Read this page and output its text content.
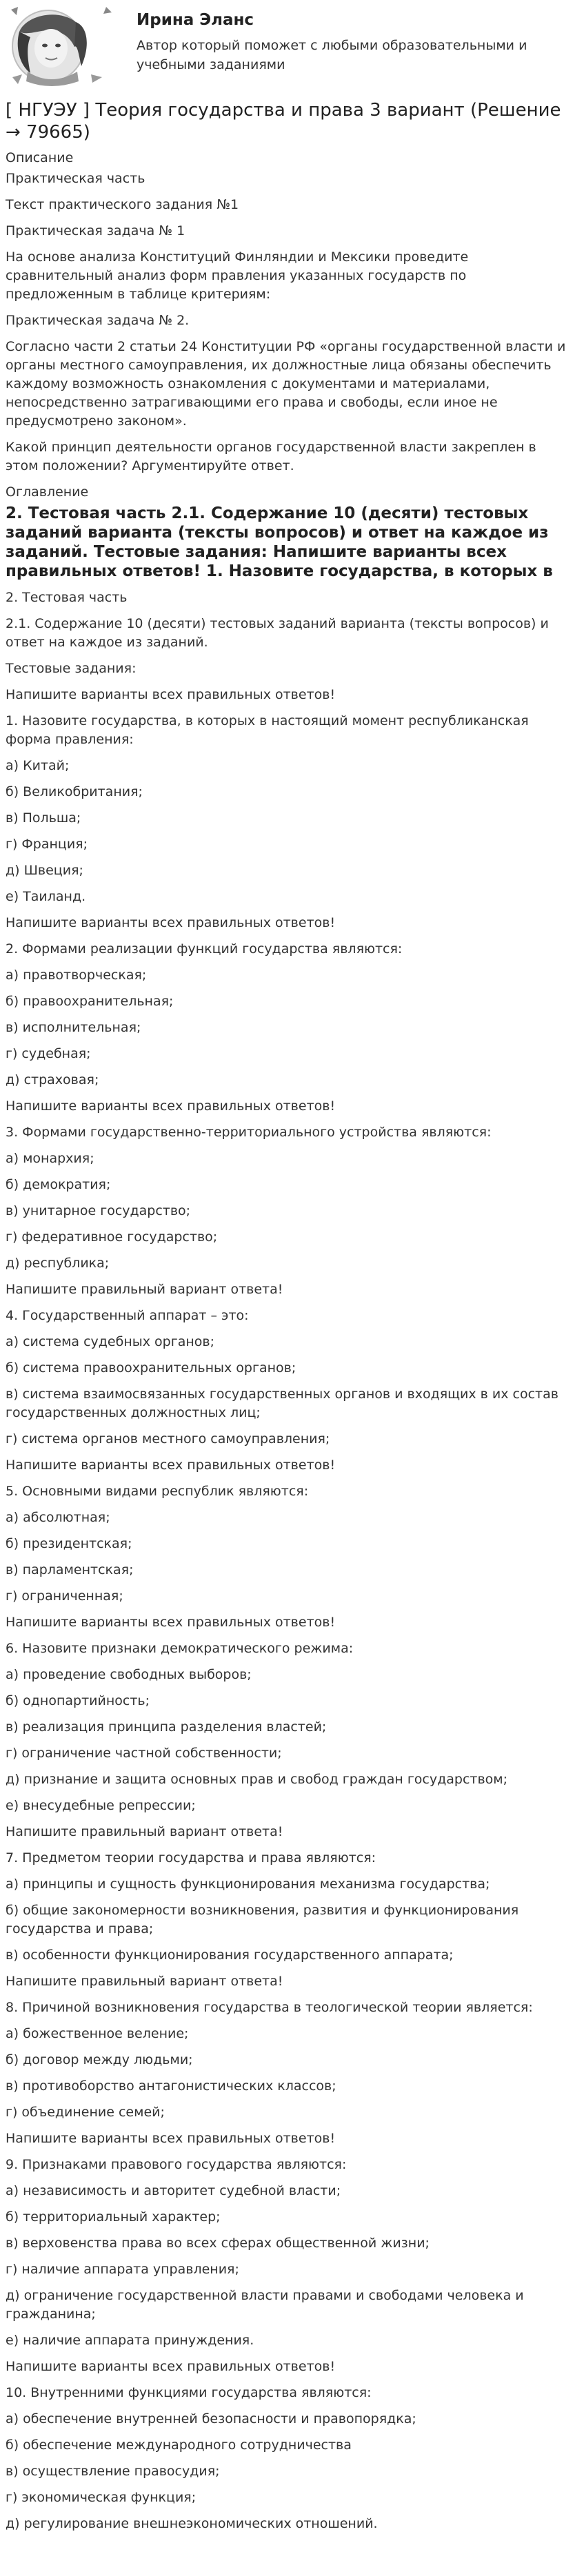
Ирина Эланс
Автор который поможет с любыми образовательными и учебными заданиями
[ НГУЭУ ] Теория государства и права 3 вариант (Решение → 79665)
Описание

Практическая часть

Текст практического задания №1

Практическая задача № 1

На основе анализа Конституций Финляндии и Мексики проведите сравнительный анализ форм правления указанных государств по предложенным в таблице критериям:

Практическая задача № 2.

Согласно части 2 статьи 24 Конституции РФ «органы государственной власти и органы местного самоуправления, их должностные лица обязаны обеспечить каждому возможность ознакомления с документами и материалами, непосредственно затрагивающими его права и свободы, если иное не предусмотрено законом».

Какой принцип деятельности органов государственной власти закреплен в этом положении? Аргументируйте ответ.

Оглавление
2. Тестовая часть 2.1. Содержание 10 (десяти) тестовых заданий варианта (тексты вопросов) и ответ на каждое из заданий. Тестовые задания: Напишите варианты всех правильных ответов! 1. Назовите государства, в которых в

2. Тестовая часть

2.1. Содержание 10 (десяти) тестовых заданий варианта (тексты вопросов) и ответ на каждое из заданий.

Тестовые задания:

Напишите варианты всех правильных ответов!

1. Назовите государства, в которых в настоящий момент республиканская форма правления:

а) Китай;

б) Великобритания;

в) Польша;

г) Франция;

д) Швеция;

е) Таиланд.

Напишите варианты всех правильных ответов!

2. Формами реализации функций государства являются:

а) правотворческая;

б) правоохранительная;

в) исполнительная;

г) судебная;

д) страховая;

Напишите варианты всех правильных ответов!

3. Формами государственно-территориального устройства являются:

а) монархия;

б) демократия;

в) унитарное государство;

г) федеративное государство;

д) республика;

Напишите правильный вариант ответа!

4. Государственный аппарат – это:

а) система судебных органов;

б) система правоохранительных органов;

в) система взаимосвязанных государственных органов и входящих в их состав государственных должностных лиц;

г) система органов местного самоуправления;

Напишите варианты всех правильных ответов!

5. Основными видами республик являются:

а) абсолютная;

б) президентская;

в) парламентская;

г) ограниченная;

Напишите варианты всех правильных ответов!

6. Назовите признаки демократического режима:

а) проведение свободных выборов;

б) однопартийность;

в) реализация принципа разделения властей;

г) ограничение частной собственности;

д) признание и защита основных прав и свобод граждан государством;

е) внесудебные репрессии;

Напишите правильный вариант ответа!

7. Предметом теории государства и права являются:

а) принципы и сущность функционирования механизма государства;

б) общие закономерности возникновения, развития и функционирования государства и права;

в) особенности функционирования государственного аппарата;

Напишите правильный вариант ответа!

8. Причиной возникновения государства в теологической теории является:

а) божественное веление;

б) договор между людьми;

в) противоборство антагонистических классов;

г) объединение семей;

Напишите варианты всех правильных ответов!

9. Признаками правового государства являются:

а) независимость и авторитет судебной власти;

б) территориальный характер;

в) верховенства права во всех сферах общественной жизни;

г) наличие аппарата управления;

д) ограничение государственной власти правами и свободами человека и гражданина;

е) наличие аппарата принуждения.

Напишите варианты всех правильных ответов!

10. Внутренними функциями государства являются:

а) обеспечение внутренней безопасности и правопорядка;

б) обеспечение международного сотрудничества

в) осуществление правосудия;

г) экономическая функция;

д) регулирование внешнеэкономических отношений.
